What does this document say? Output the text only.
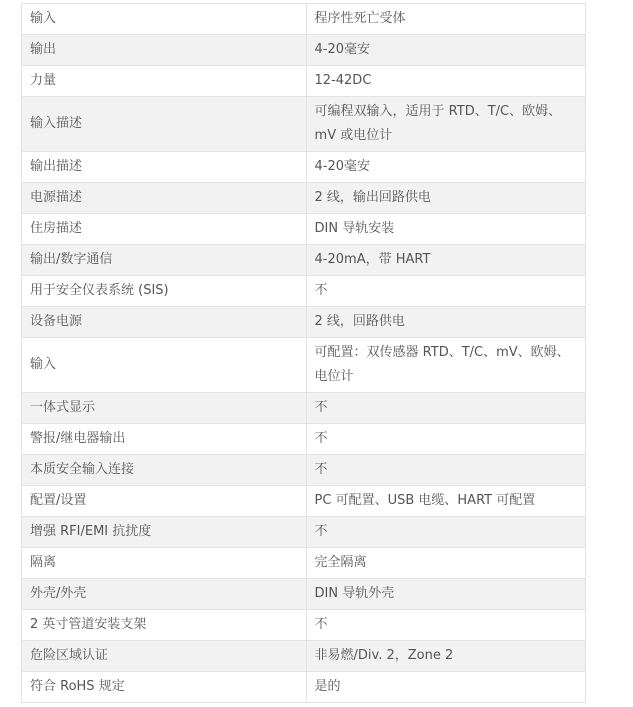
输入	程序性死亡受体
输出	4-20毫安
力量	12-42DC
输入描述	可编程双输入，适用于 RTD、T/C、欧姆、mV 或电位计
输出描述	4-20毫安
电源描述	2 线，输出回路供电
住房描述	DIN 导轨安装
输出/数字通信	4-20mA，带 HART
用于安全仪表系统 (SIS)	不
设备电源	2 线，回路供电
输入	可配置：双传感器 RTD、T/C、mV、欧姆、电位计
一体式显示	不
警报/继电器输出	不
本质安全输入连接	不
配置/设置	PC 可配置、USB 电缆、HART 可配置
增强 RFI/EMI 抗扰度	不
隔离	完全隔离
外壳/外壳	DIN 导轨外壳
2 英寸管道安装支架	不
危险区域认证	非易燃/Div. 2，Zone 2
符合 RoHS 规定	是的
